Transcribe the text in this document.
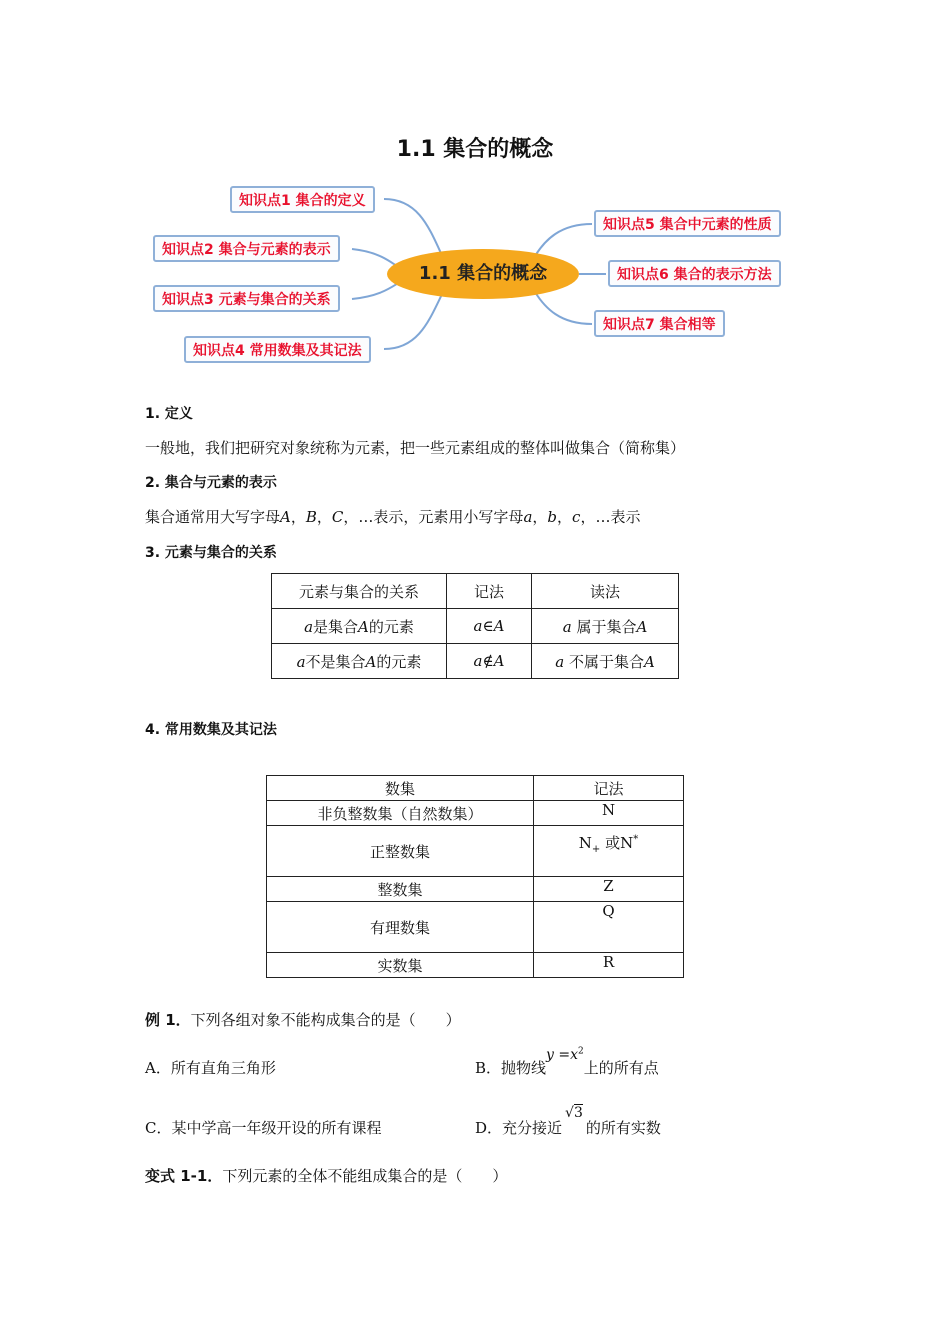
1.1 集合的概念
知识点1 集合的定义
知识点2 集合与元素的表示
知识点3 元素与集合的关系
知识点4 常用数集及其记法
1.1 集合的概念
知识点5 集合中元素的性质
知识点6 集合的表示方法
知识点7 集合相等
1. 定义
一般地，我们把研究对象统称为元素，把一些元素组成的整体叫做集合（简称集）
2. 集合与元素的表示
集合通常用大写字母A，B，C，…表示，元素用小写字母a，b，c，…表示
3. 元素与集合的关系
元素与集合的关系	记法	读法
a是集合A的元素	a∈A	a 属于集合A
a不是集合A的元素	a∉A	a 不属于集合A
4. 常用数集及其记法
数集	记法
非负整数集（自然数集）	N
正整数集	$N_+$ 或N*
整数集	Z
有理数集	Q
实数集	R
例 1．下列各组对象不能构成集合的是（　　）
A．所有直角三角形	B．抛物线$y =x^2$上的所有点
C．某中学高一年级开设的所有课程	D．充分接近√3的所有实数
变式 1-1．下列元素的全体不能组成集合的是（　　）
